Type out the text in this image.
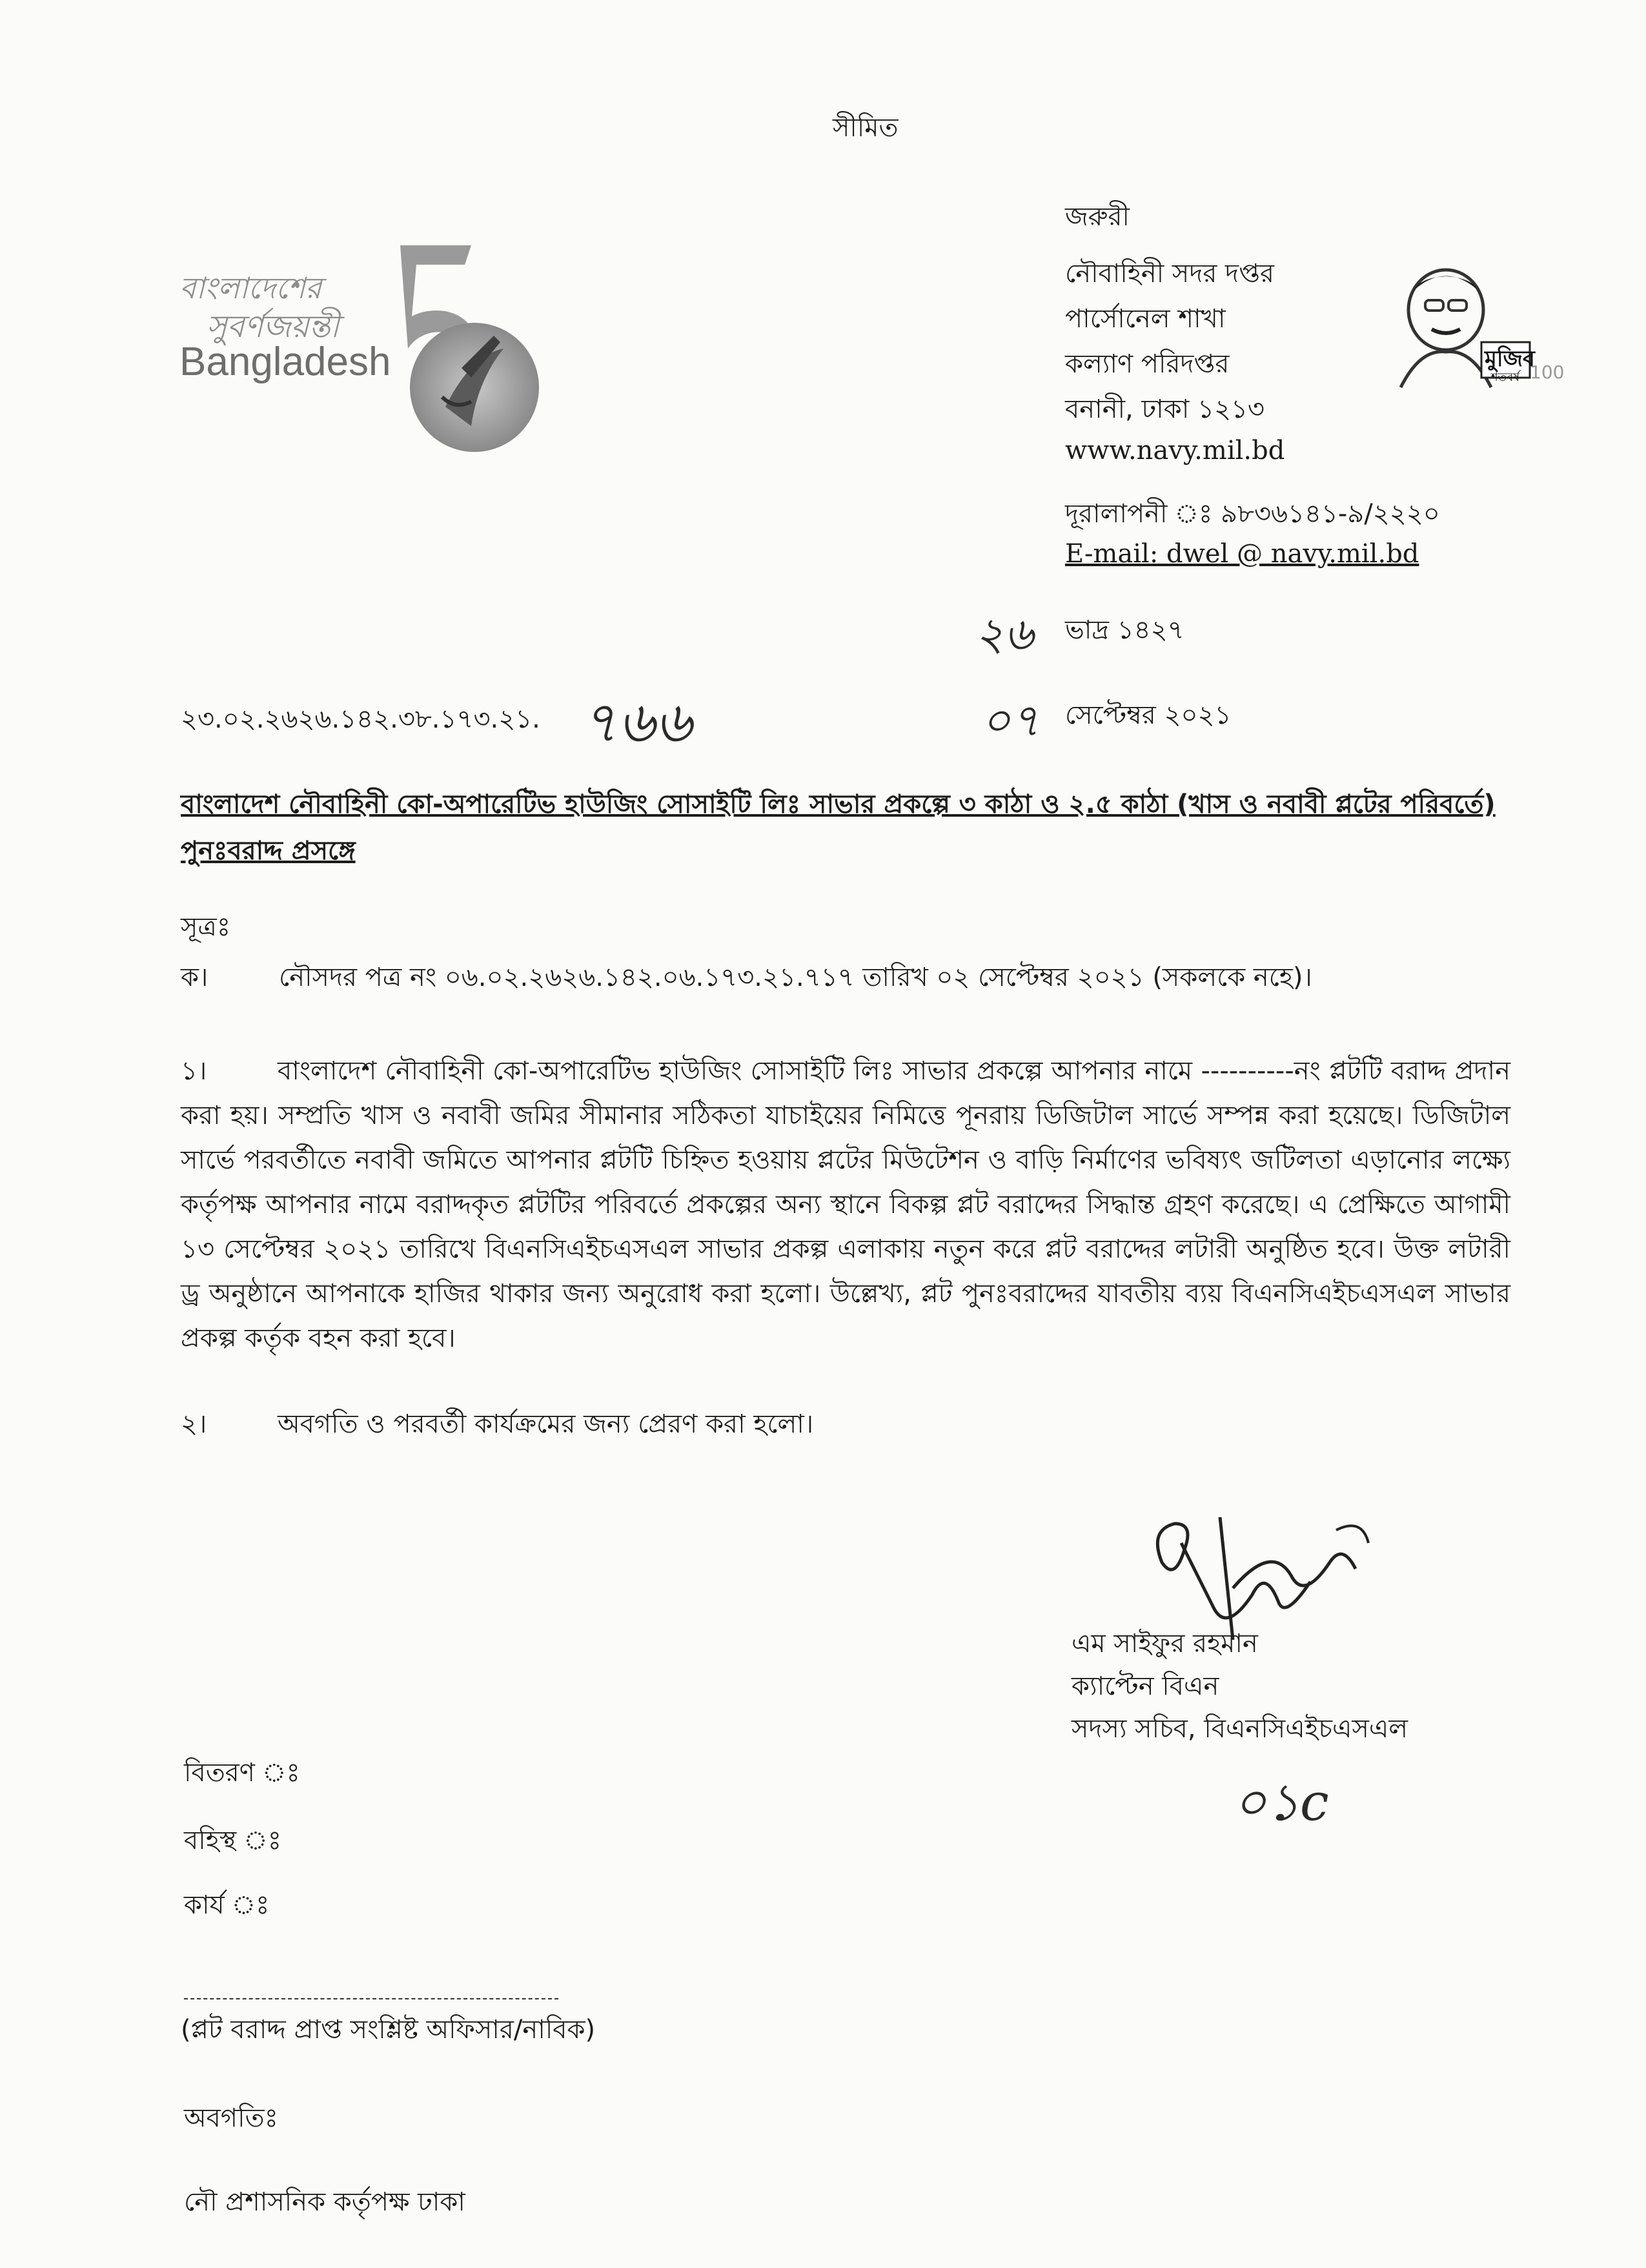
সীমিত
বাংলাদেশের
সুবর্ণজয়ন্তী
Bangladesh
জরুরী
নৌবাহিনী সদর দপ্তর
পার্সোনেল শাখা
কল্যাণ পরিদপ্তর
বনানী, ঢাকা ১২১৩
www.navy.mil.bd
দূরালাপনী ঃ ৯৮৩৬১৪১-৯/২২২০
E-mail: dwel @ navy.mil.bd
মুজিব
শতবর্ষ 100
২৬ ভাদ্র ১৪২৭
২৩.০২.২৬২৬.১৪২.৩৮.১৭৩.২১. ৭৬৬	০৭ সেপ্টেম্বর ২০২১
বাংলাদেশ নৌবাহিনী কো-অপারেটিভ হাউজিং সোসাইটি লিঃ সাভার প্রকল্পে ৩ কাঠা ও ২.৫ কাঠা (খাস ও নবাবী প্লটের পরিবর্তে) পুনঃবরাদ্দ প্রসঙ্গে
সূত্রঃ
ক।	নৌসদর পত্র নং ০৬.০২.২৬২৬.১৪২.০৬.১৭৩.২১.৭১৭ তারিখ ০২ সেপ্টেম্বর ২০২১ (সকলকে নহে)।
১।	বাংলাদেশ নৌবাহিনী কো-অপারেটিভ হাউজিং সোসাইটি লিঃ সাভার প্রকল্পে আপনার নামে ----------নং প্লটটি বরাদ্দ প্রদান করা হয়। সম্প্রতি খাস ও নবাবী জমির সীমানার সঠিকতা যাচাইয়ের নিমিত্তে পূনরায় ডিজিটাল সার্ভে সম্পন্ন করা হয়েছে। ডিজিটাল সার্ভে পরবর্তীতে নবাবী জমিতে আপনার প্লটটি চিহ্নিত হওয়ায় প্লটের মিউটেশন ও বাড়ি নির্মাণের ভবিষ্যৎ জটিলতা এড়ানোর লক্ষ্যে কর্তৃপক্ষ আপনার নামে বরাদ্দকৃত প্লটটির পরিবর্তে প্রকল্পের অন্য স্থানে বিকল্প প্লট বরাদ্দের সিদ্ধান্ত গ্রহণ করেছে। এ প্রেক্ষিতে আগামী ১৩ সেপ্টেম্বর ২০২১ তারিখে বিএনসিএইচএসএল সাভার প্রকল্প এলাকায় নতুন করে প্লট বরাদ্দের লটারী অনুষ্ঠিত হবে। উক্ত লটারী ড্র অনুষ্ঠানে আপনাকে হাজির থাকার জন্য অনুরোধ করা হলো। উল্লেখ্য, প্লট পুনঃবরাদ্দের যাবতীয় ব্যয় বিএনসিএইচএসএল সাভার প্রকল্প কর্তৃক বহন করা হবে।
২।	অবগতি ও পরবর্তী কার্যক্রমের জন্য প্রেরণ করা হলো।
এম সাইফুর রহমান
ক্যাপ্টেন বিএন
সদস্য সচিব, বিএনসিএইচএসএল
০১c
বিতরণ ঃ
বহিস্থ ঃ
কার্য ঃ
(প্লট বরাদ্দ প্রাপ্ত সংশ্লিষ্ট অফিসার/নাবিক)
অবগতিঃ
নৌ প্রশাসনিক কর্তৃপক্ষ ঢাকা
